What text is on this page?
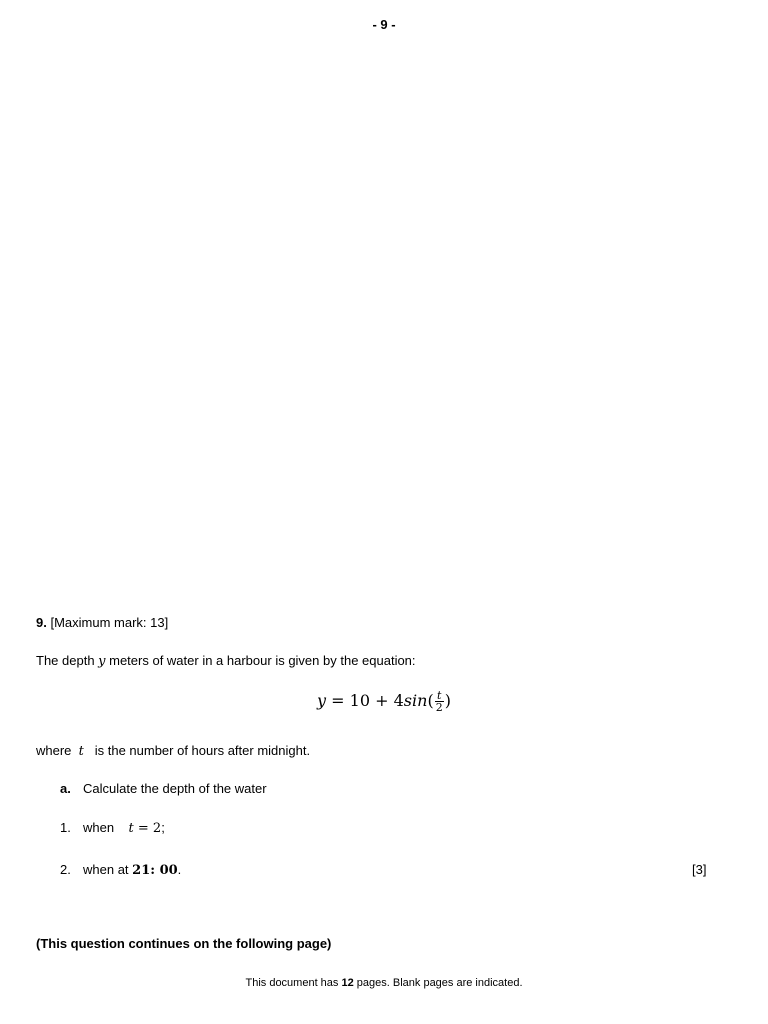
- 9 -
9. [Maximum mark: 13]
The depth y meters of water in a harbour is given by the equation:
$y = 10 + 4\sin( \frac{t}{2}$ )
where t is the number of hours after midnight.
a. Calculate the depth of the water
1. when t = 2;
2. when at 21: 00.	[3]
(This question continues on the following page)
This document has 12 pages. Blank pages are indicated.
